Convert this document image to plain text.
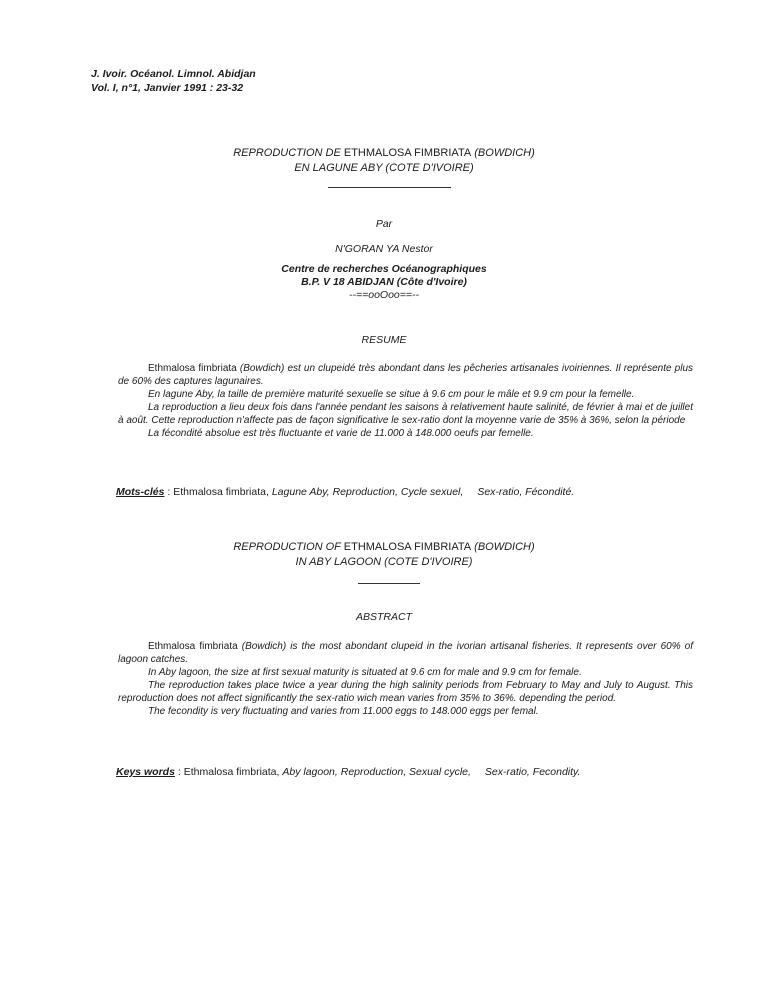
J. Ivoir. Océanol. Limnol. Abidjan
Vol. I, n°1, Janvier 1991 : 23-32
REPRODUCTION DE ETHMALOSA FIMBRIATA (BOWDICH)
EN LAGUNE ABY (COTE D'IVOIRE)
Par
N'GORAN YA Nestor
Centre de recherches Océanographiques
B.P. V 18 ABIDJAN (Côte d'Ivoire)
--==ooOoo==--
RESUME
Ethmalosa fimbriata (Bowdich) est un clupeidé très abondant dans les pêcheries artisanales ivoiriennes. Il représente plus de 60% des captures lagunaires.
En lagune Aby, la taille de première maturité sexuelle se situe à 9.6 cm pour le mâle et 9.9 cm pour la femelle.
La reproduction a lieu deux fois dans l'année pendant les saisons à relativement haute salinité, de février à mai et de juillet à août. Cette reproduction n'affecte pas de façon significative le sex-ratio dont la moyenne varie de 35% à 36%, selon la période
La fécondité absolue est très fluctuante et varie de 11.000 à 148.000 oeufs par femelle.
Mots-clés : Ethmalosa fimbriata, Lagune Aby, Reproduction, Cycle sexuel, Sex-ratio, Fécondité.
REPRODUCTION OF ETHMALOSA FIMBRIATA (BOWDICH)
IN ABY LAGOON (COTE D'IVOIRE)
ABSTRACT
Ethmalosa fimbriata (Bowdich) is the most abondant clupeid in the ivorian artisanal fisheries. It represents over 60% of lagoon catches.
In Aby lagoon, the size at first sexual maturity is situated at 9.6 cm for male and 9.9 cm for female.
The reproduction takes place twice a year during the high salinity periods from February to May and July to August. This reproduction does not affect significantly the sex-ratio wich mean varies from 35% to 36%. depending the period.
The fecondity is very fluctuating and varies from 11.000 eggs to 148.000 eggs per femal.
Keys words : Ethmalosa fimbriata, Aby lagoon, Reproduction, Sexual cycle, Sex-ratio, Fecondity.
